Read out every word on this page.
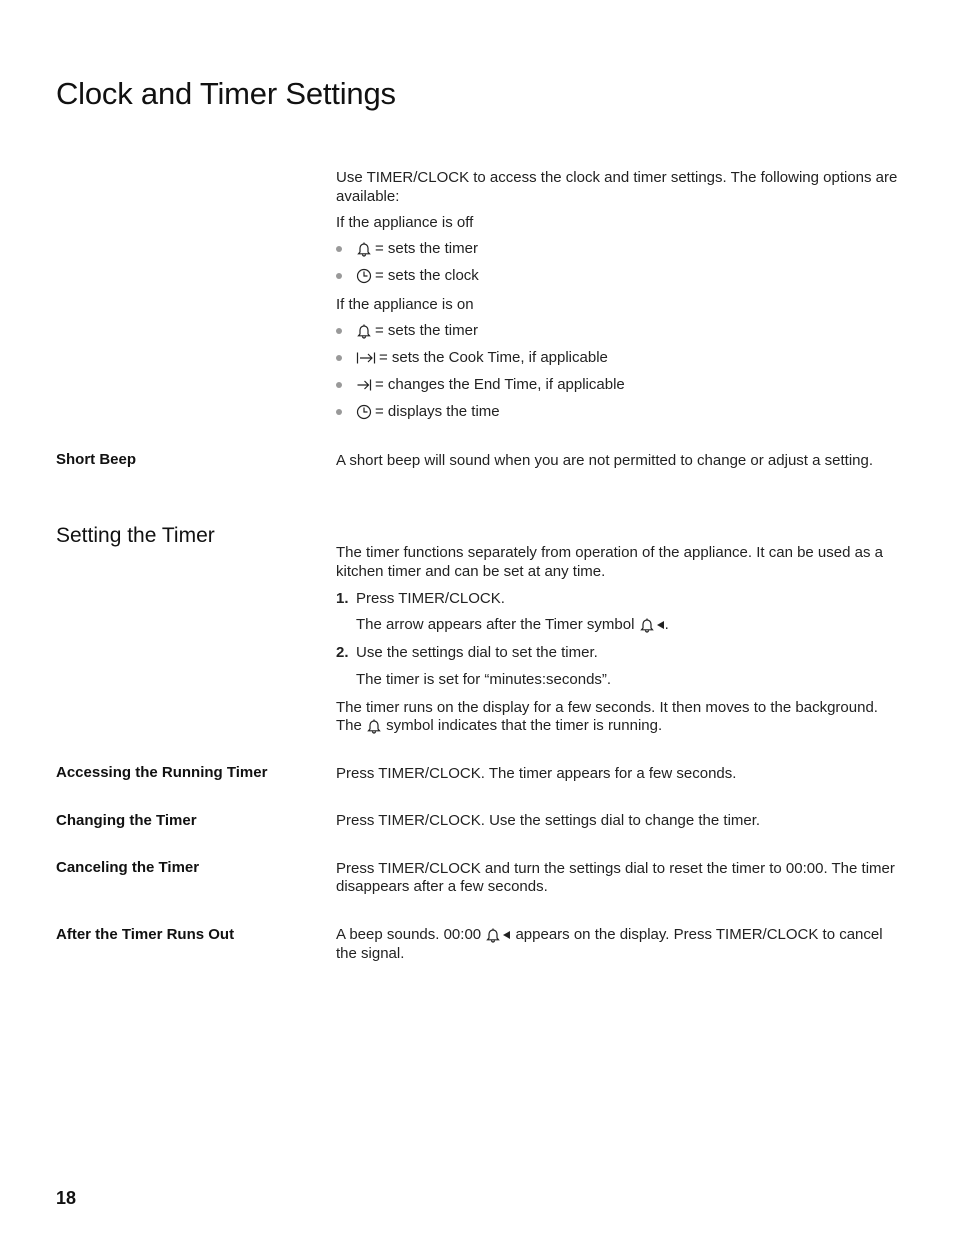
Clock and Timer Settings
Use TIMER/CLOCK to access the clock and timer settings. The following options are available:
If the appliance is off
= sets the timer
= sets the clock
If the appliance is on
= sets the timer
= sets the Cook Time, if applicable
= changes the End Time, if applicable
= displays the time
Short Beep	A short beep will sound when you are not permitted to change or adjust a setting.
Setting the Timer
The timer functions separately from operation of the appliance. It can be used as a kitchen timer and can be set at any time.
1. Press TIMER/CLOCK.
The arrow appears after the Timer symbol .
2. Use the settings dial to set the timer.
The timer is set for “minutes:seconds”.
The timer runs on the display for a few seconds. It then moves to the background.
The symbol indicates that the timer is running.
Accessing the Running Timer	Press TIMER/CLOCK. The timer appears for a few seconds.
Changing the Timer	Press TIMER/CLOCK. Use the settings dial to change the timer.
Canceling the Timer	Press TIMER/CLOCK and turn the settings dial to reset the timer to 00:00. The timer
disappears after a few seconds.
After the Timer Runs Out	A beep sounds. 00:00 appears on the display. Press TIMER/CLOCK to cancel
the signal.
18
